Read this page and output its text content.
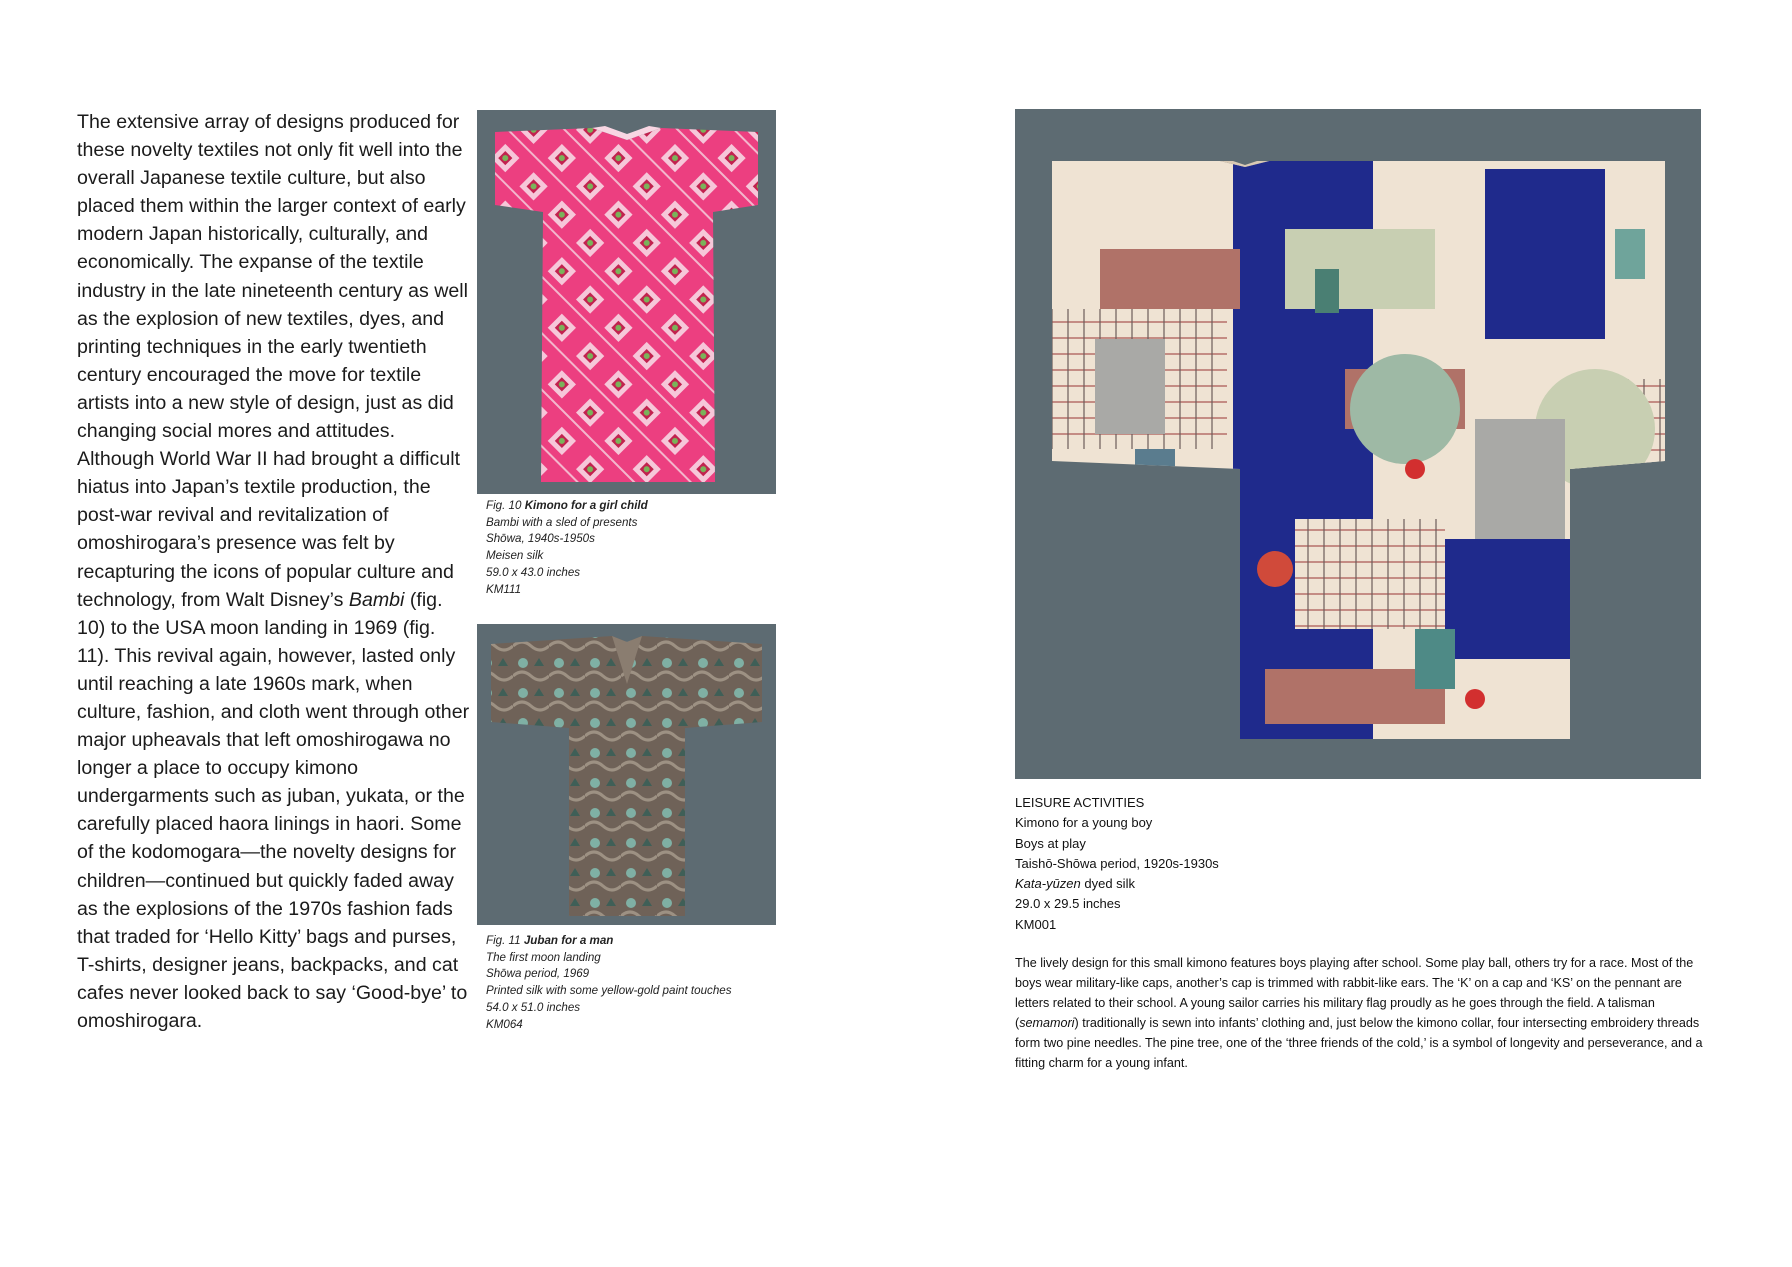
The extensive array of designs produced for these novelty textiles not only fit well into the overall Japanese textile culture, but also placed them within the larger context of early modern Japan historically, culturally, and economically. The expanse of the textile industry in the late nineteenth century as well as the explosion of new textiles, dyes, and printing techniques in the early twentieth century encouraged the move for textile artists into a new style of design, just as did changing social mores and attitudes. Although World War II had brought a difficult hiatus into Japan’s textile production, the post-war revival and revitalization of omoshirogara’s presence was felt by recapturing the icons of popular culture and technology, from Walt Disney’s Bambi (fig. 10) to the USA moon landing in 1969 (fig. 11). This revival again, however, lasted only until reaching a late 1960s mark, when culture, fashion, and cloth went through other major upheavals that left omoshirogawa no longer a place to occupy kimono undergarments such as juban, yukata, or the carefully placed haora linings in haori. Some of the kodomogara—the novelty designs for children—continued but quickly faded away as the explosions of the 1970s fashion fads that traded for ‘Hello Kitty’ bags and purses, T-shirts, designer jeans, backpacks, and cat cafes never looked back to say ‘Good-bye’ to omoshirogara.

Fig. 10 Kimono for a girl child
Bambi with a sled of presents
Shōwa, 1940s-1950s
Meisen silk
59.0 x 43.0 inches
KM111
Fig. 11 Juban for a man
The first moon landing
Shōwa period, 1969
Printed silk with some yellow-gold paint touches
54.0 x 51.0 inches
KM064
LEISURE ACTIVITIES
Kimono for a young boy
Boys at play
Taishō-Shōwa period, 1920s-1930s
Kata-yūzen dyed silk
29.0 x 29.5 inches
KM001

The lively design for this small kimono features boys playing after school. Some play ball, others try for a race. Most of the boys wear military-like caps, another’s cap is trimmed with rabbit-like ears. The ‘K’ on a cap and ‘KS’ on the pennant are letters related to their school. A young sailor carries his military flag proudly as he goes through the field. A talisman (semamori) traditionally is sewn into infants’ clothing and, just below the kimono collar, four intersecting embroidery threads form two pine needles. The pine tree, one of the ‘three friends of the cold,’ is a symbol of longevity and perseverance, and a fitting charm for a young infant.
